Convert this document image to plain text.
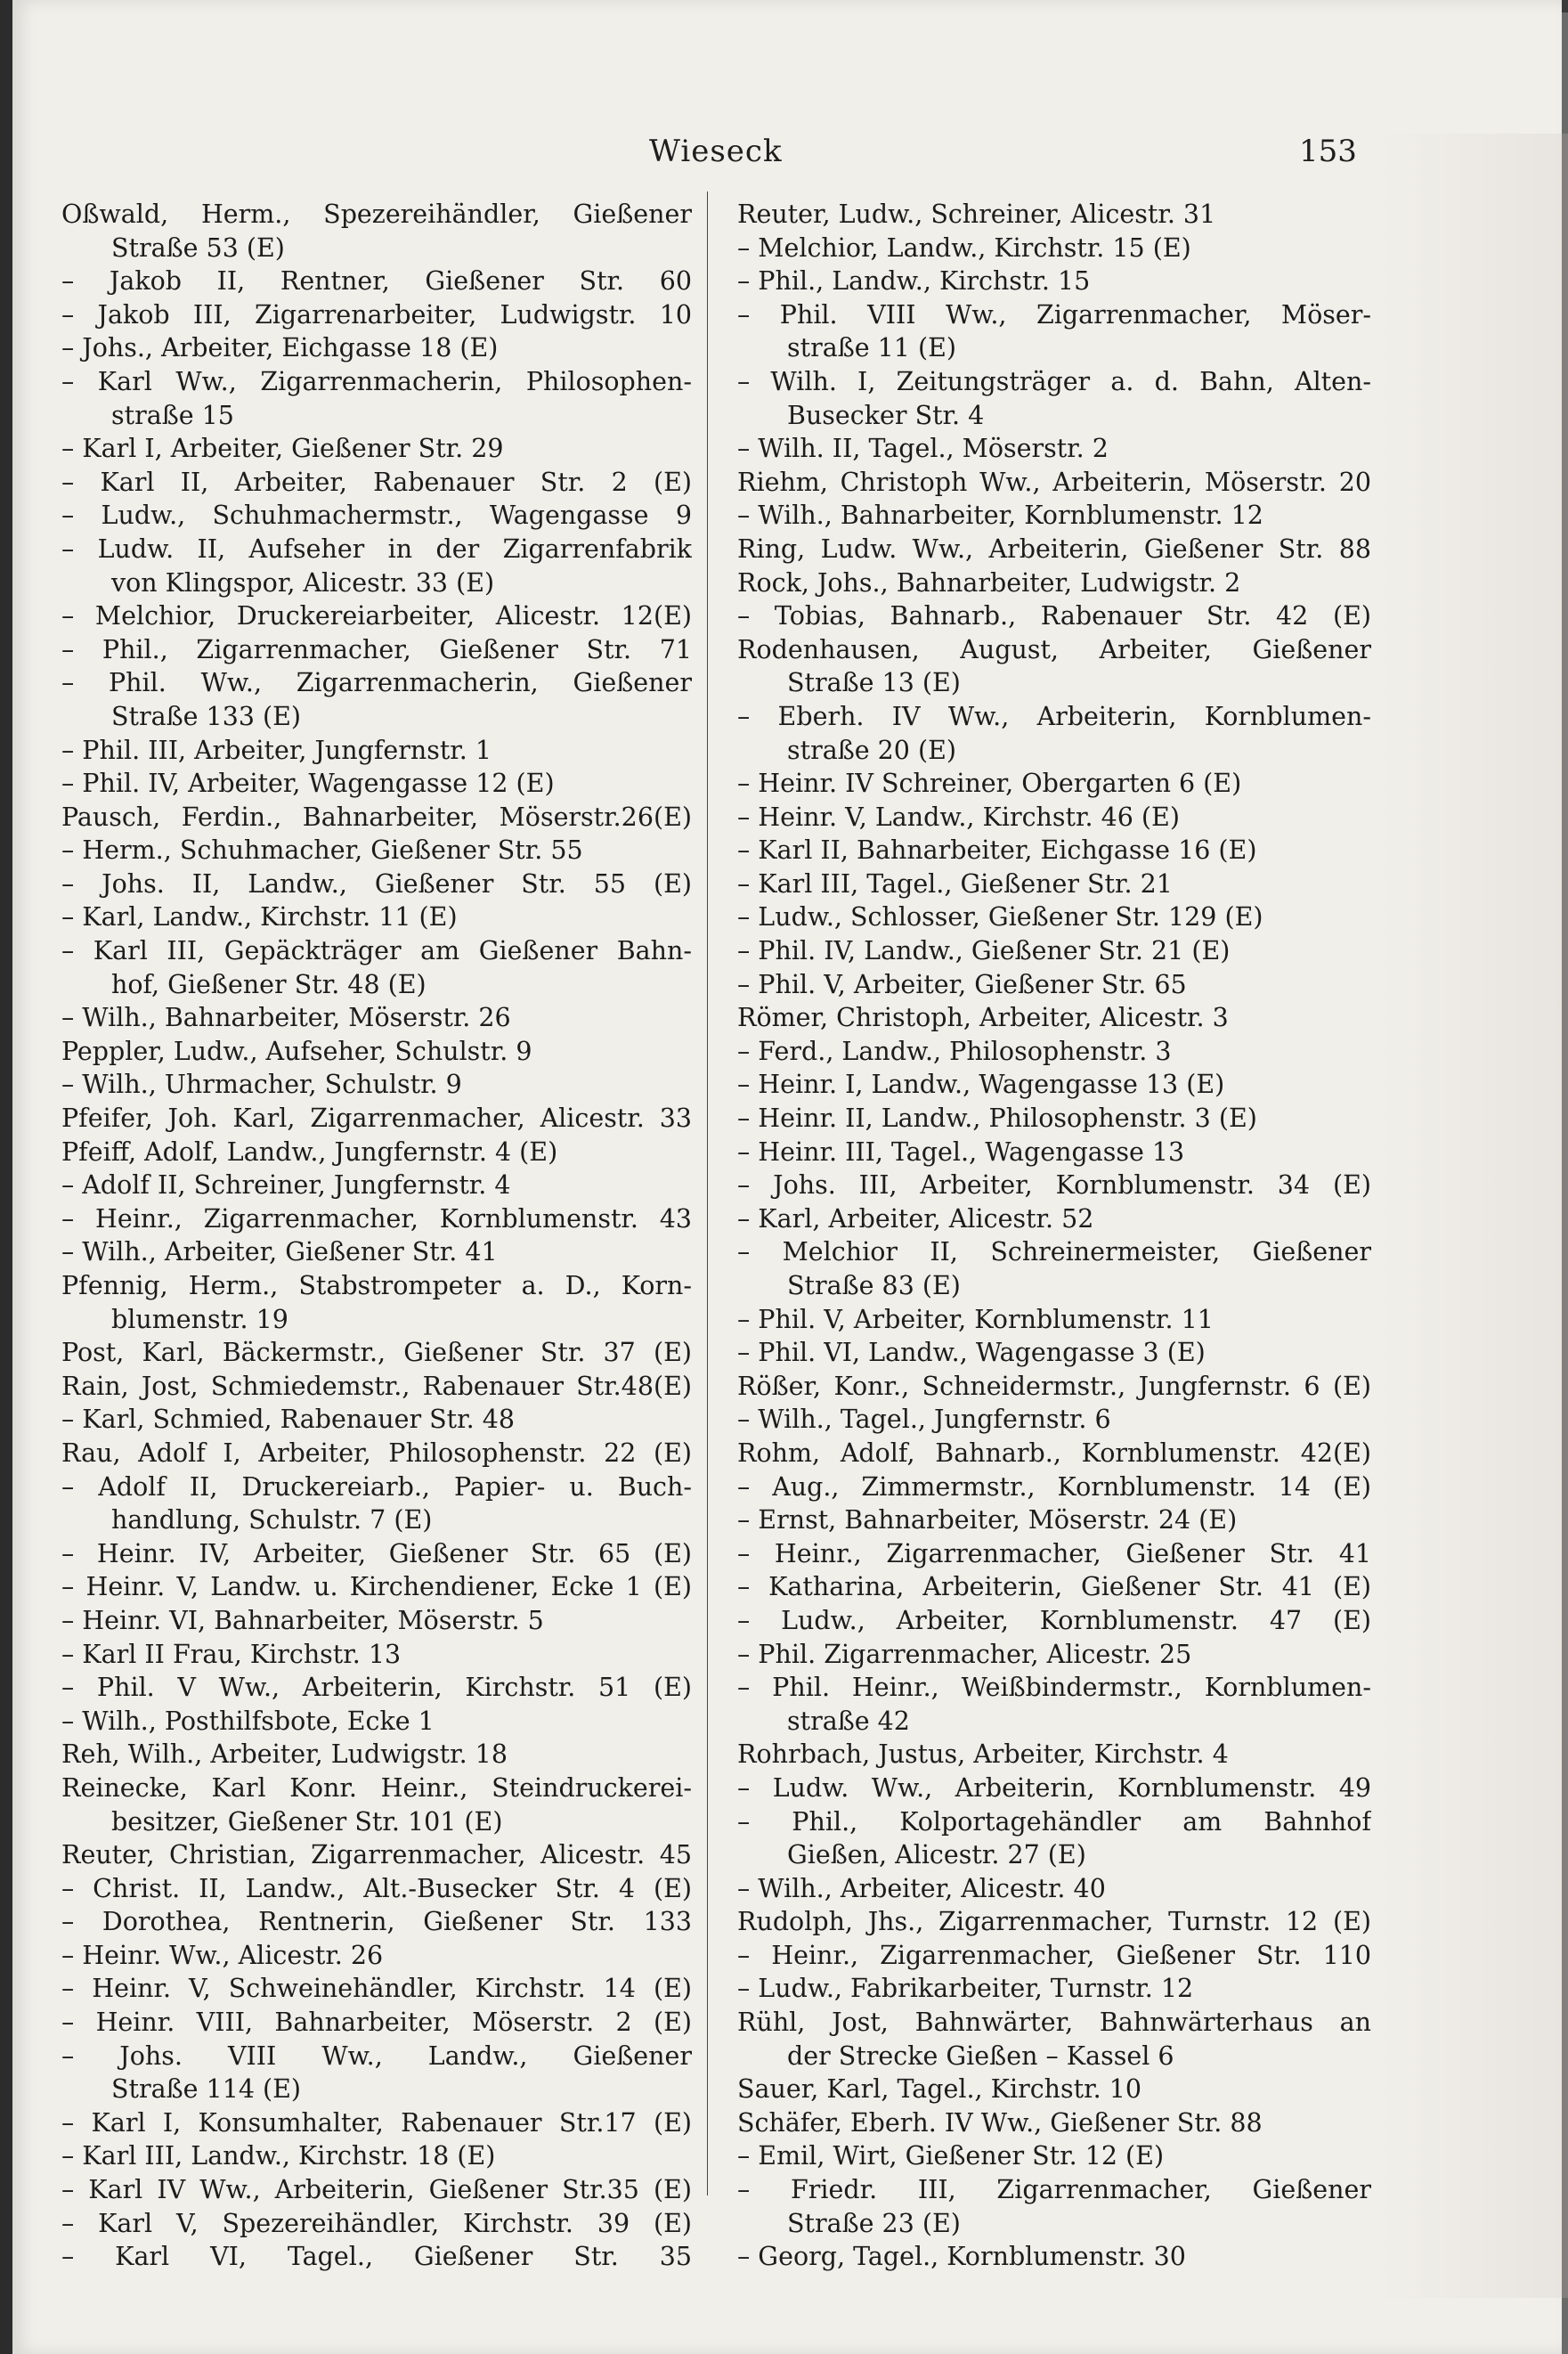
Wieseck	153
Oßwald, Herm., Spezereihändler, Gießener
Straße 53 (E)
– Jakob II, Rentner, Gießener Str. 60
– Jakob III, Zigarrenarbeiter, Ludwigstr. 10
– Johs., Arbeiter, Eichgasse 18 (E)
– Karl Ww., Zigarrenmacherin, Philosophen-
straße 15
– Karl I, Arbeiter, Gießener Str. 29
– Karl II, Arbeiter, Rabenauer Str. 2 (E)
– Ludw., Schuhmachermstr., Wagengasse 9
– Ludw. II, Aufseher in der Zigarrenfabrik
von Klingspor, Alicestr. 33 (E)
– Melchior, Druckereiarbeiter, Alicestr. 12(E)
– Phil., Zigarrenmacher, Gießener Str. 71
– Phil. Ww., Zigarrenmacherin, Gießener
Straße 133 (E)
– Phil. III, Arbeiter, Jungfernstr. 1
– Phil. IV, Arbeiter, Wagengasse 12 (E)
Pausch, Ferdin., Bahnarbeiter, Möserstr.26(E)
– Herm., Schuhmacher, Gießener Str. 55
– Johs. II, Landw., Gießener Str. 55 (E)
– Karl, Landw., Kirchstr. 11 (E)
– Karl III, Gepäckträger am Gießener Bahn-
hof, Gießener Str. 48 (E)
– Wilh., Bahnarbeiter, Möserstr. 26
Peppler, Ludw., Aufseher, Schulstr. 9
– Wilh., Uhrmacher, Schulstr. 9
Pfeifer, Joh. Karl, Zigarrenmacher, Alicestr. 33
Pfeiff, Adolf, Landw., Jungfernstr. 4 (E)
– Adolf II, Schreiner, Jungfernstr. 4
– Heinr., Zigarrenmacher, Kornblumenstr. 43
– Wilh., Arbeiter, Gießener Str. 41
Pfennig, Herm., Stabstrompeter a. D., Korn-
blumenstr. 19
Post, Karl, Bäckermstr., Gießener Str. 37 (E)
Rain, Jost, Schmiedemstr., Rabenauer Str.48(E)
– Karl, Schmied, Rabenauer Str. 48
Rau, Adolf I, Arbeiter, Philosophenstr. 22 (E)
– Adolf II, Druckereiarb., Papier- u. Buch-
handlung, Schulstr. 7 (E)
– Heinr. IV, Arbeiter, Gießener Str. 65 (E)
– Heinr. V, Landw. u. Kirchendiener, Ecke 1 (E)
– Heinr. VI, Bahnarbeiter, Möserstr. 5
– Karl II Frau, Kirchstr. 13
– Phil. V Ww., Arbeiterin, Kirchstr. 51 (E)
– Wilh., Posthilfsbote, Ecke 1
Reh, Wilh., Arbeiter, Ludwigstr. 18
Reinecke, Karl Konr. Heinr., Steindruckerei-
besitzer, Gießener Str. 101 (E)
Reuter, Christian, Zigarrenmacher, Alicestr. 45
– Christ. II, Landw., Alt.-Busecker Str. 4 (E)
– Dorothea, Rentnerin, Gießener Str. 133
– Heinr. Ww., Alicestr. 26
– Heinr. V, Schweinehändler, Kirchstr. 14 (E)
– Heinr. VIII, Bahnarbeiter, Möserstr. 2 (E)
– Johs. VIII Ww., Landw., Gießener
Straße 114 (E)
– Karl I, Konsumhalter, Rabenauer Str.17 (E)
– Karl III, Landw., Kirchstr. 18 (E)
– Karl IV Ww., Arbeiterin, Gießener Str.35 (E)
– Karl V, Spezereihändler, Kirchstr. 39 (E)
– Karl VI, Tagel., Gießener Str. 35
Reuter, Ludw., Schreiner, Alicestr. 31
– Melchior, Landw., Kirchstr. 15 (E)
– Phil., Landw., Kirchstr. 15
– Phil. VIII Ww., Zigarrenmacher, Möser-
straße 11 (E)
– Wilh. I, Zeitungsträger a. d. Bahn, Alten-
Busecker Str. 4
– Wilh. II, Tagel., Möserstr. 2
Riehm, Christoph Ww., Arbeiterin, Möserstr. 20
– Wilh., Bahnarbeiter, Kornblumenstr. 12
Ring, Ludw. Ww., Arbeiterin, Gießener Str. 88
Rock, Johs., Bahnarbeiter, Ludwigstr. 2
– Tobias, Bahnarb., Rabenauer Str. 42 (E)
Rodenhausen, August, Arbeiter, Gießener
Straße 13 (E)
– Eberh. IV Ww., Arbeiterin, Kornblumen-
straße 20 (E)
– Heinr. IV Schreiner, Obergarten 6 (E)
– Heinr. V, Landw., Kirchstr. 46 (E)
– Karl II, Bahnarbeiter, Eichgasse 16 (E)
– Karl III, Tagel., Gießener Str. 21
– Ludw., Schlosser, Gießener Str. 129 (E)
– Phil. IV, Landw., Gießener Str. 21 (E)
– Phil. V, Arbeiter, Gießener Str. 65
Römer, Christoph, Arbeiter, Alicestr. 3
– Ferd., Landw., Philosophenstr. 3
– Heinr. I, Landw., Wagengasse 13 (E)
– Heinr. II, Landw., Philosophenstr. 3 (E)
– Heinr. III, Tagel., Wagengasse 13
– Johs. III, Arbeiter, Kornblumenstr. 34 (E)
– Karl, Arbeiter, Alicestr. 52
– Melchior II, Schreinermeister, Gießener
Straße 83 (E)
– Phil. V, Arbeiter, Kornblumenstr. 11
– Phil. VI, Landw., Wagengasse 3 (E)
Rößer, Konr., Schneidermstr., Jungfernstr. 6 (E)
– Wilh., Tagel., Jungfernstr. 6
Rohm, Adolf, Bahnarb., Kornblumenstr. 42(E)
– Aug., Zimmermstr., Kornblumenstr. 14 (E)
– Ernst, Bahnarbeiter, Möserstr. 24 (E)
– Heinr., Zigarrenmacher, Gießener Str. 41
– Katharina, Arbeiterin, Gießener Str. 41 (E)
– Ludw., Arbeiter, Kornblumenstr. 47 (E)
– Phil. Zigarrenmacher, Alicestr. 25
– Phil. Heinr., Weißbindermstr., Kornblumen-
straße 42
Rohrbach, Justus, Arbeiter, Kirchstr. 4
– Ludw. Ww., Arbeiterin, Kornblumenstr. 49
– Phil., Kolportagehändler am Bahnhof
Gießen, Alicestr. 27 (E)
– Wilh., Arbeiter, Alicestr. 40
Rudolph, Jhs., Zigarrenmacher, Turnstr. 12 (E)
– Heinr., Zigarrenmacher, Gießener Str. 110
– Ludw., Fabrikarbeiter, Turnstr. 12
Rühl, Jost, Bahnwärter, Bahnwärterhaus an
der Strecke Gießen – Kassel 6
Sauer, Karl, Tagel., Kirchstr. 10
Schäfer, Eberh. IV Ww., Gießener Str. 88
– Emil, Wirt, Gießener Str. 12 (E)
– Friedr. III, Zigarrenmacher, Gießener
Straße 23 (E)
– Georg, Tagel., Kornblumenstr. 30
